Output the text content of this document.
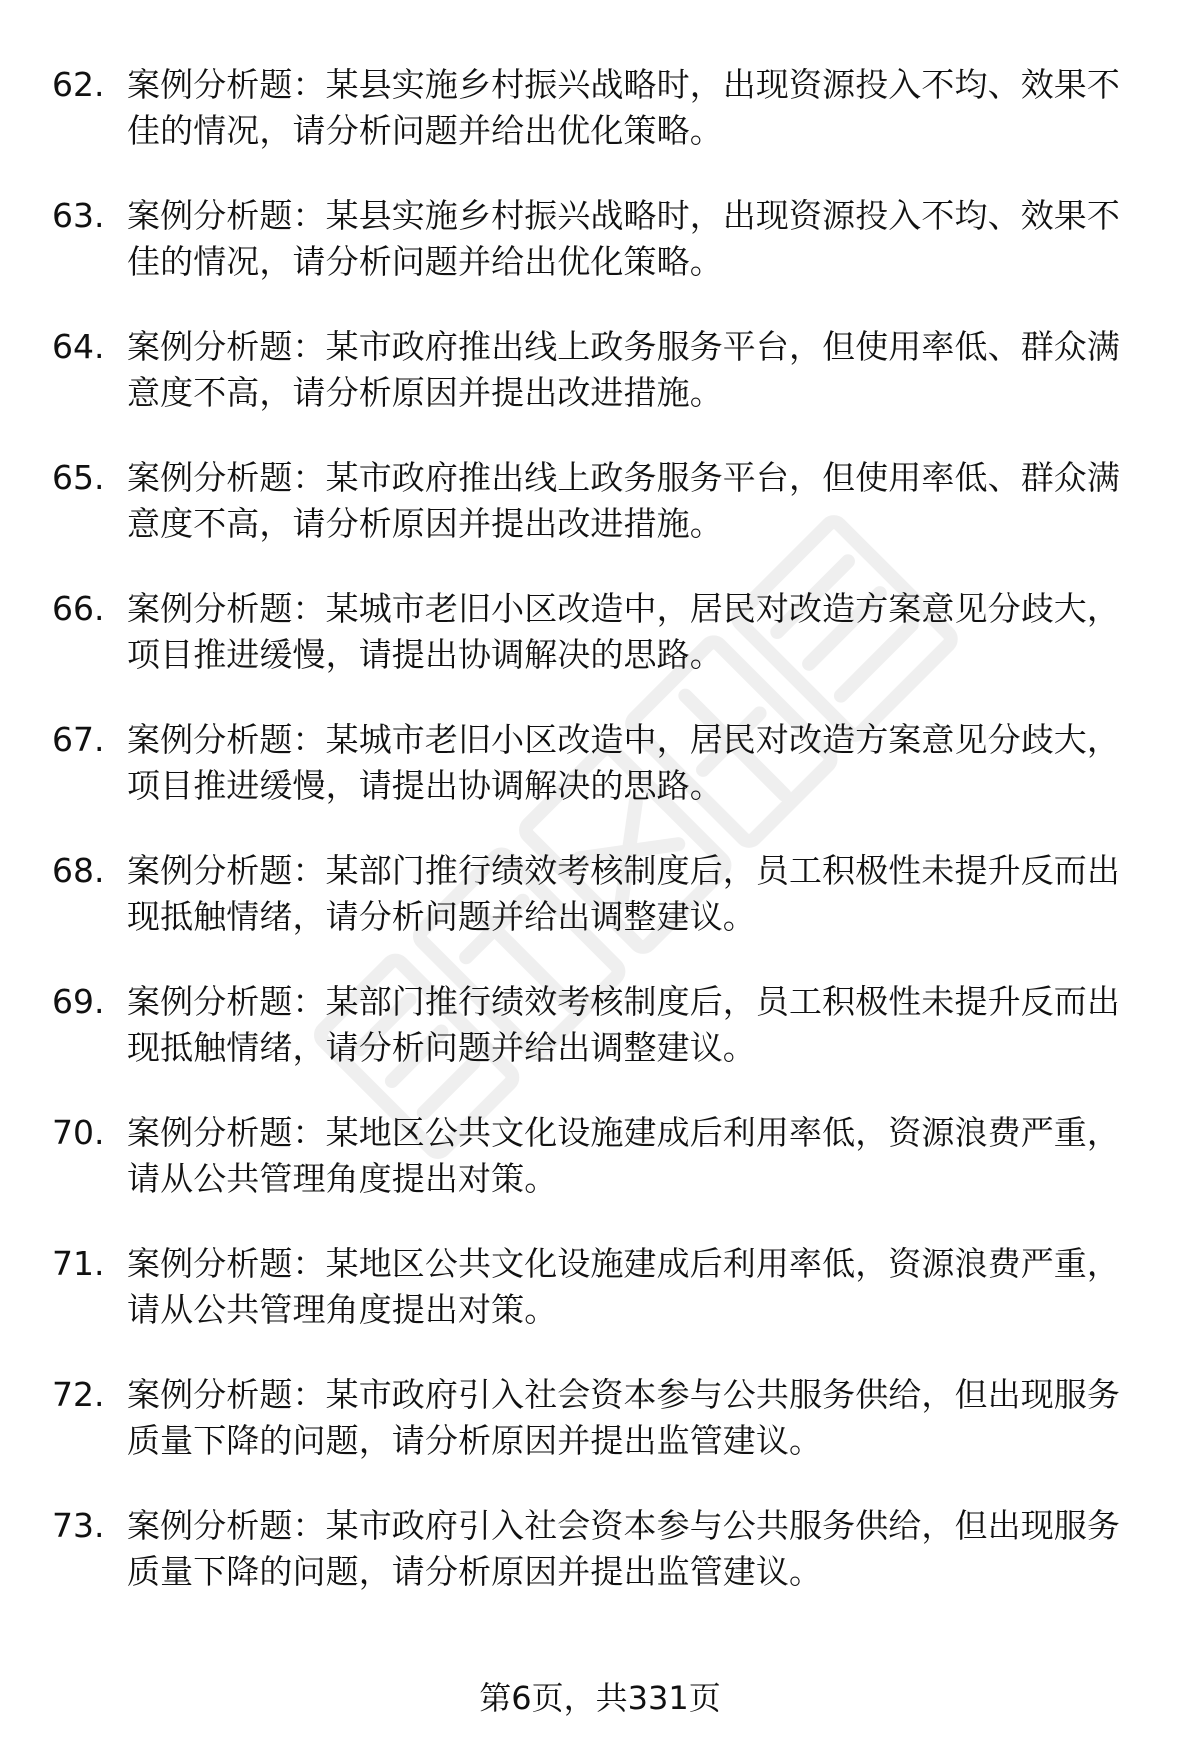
62. 案例分析题：某县实施乡村振兴战略时，出现资源投入不均、效果不佳的情况，请分析问题并给出优化策略。
63. 案例分析题：某县实施乡村振兴战略时，出现资源投入不均、效果不佳的情况，请分析问题并给出优化策略。
64. 案例分析题：某市政府推出线上政务服务平台，但使用率低、群众满意度不高，请分析原因并提出改进措施。
65. 案例分析题：某市政府推出线上政务服务平台，但使用率低、群众满意度不高，请分析原因并提出改进措施。
66. 案例分析题：某城市老旧小区改造中，居民对改造方案意见分歧大，项目推进缓慢，请提出协调解决的思路。
67. 案例分析题：某城市老旧小区改造中，居民对改造方案意见分歧大，项目推进缓慢，请提出协调解决的思路。
68. 案例分析题：某部门推行绩效考核制度后，员工积极性未提升反而出现抵触情绪，请分析问题并给出调整建议。
69. 案例分析题：某部门推行绩效考核制度后，员工积极性未提升反而出现抵触情绪，请分析问题并给出调整建议。
70. 案例分析题：某地区公共文化设施建成后利用率低，资源浪费严重，请从公共管理角度提出对策。
71. 案例分析题：某地区公共文化设施建成后利用率低，资源浪费严重，请从公共管理角度提出对策。
72. 案例分析题：某市政府引入社会资本参与公共服务供给，但出现服务质量下降的问题，请分析原因并提出监管建议。
73. 案例分析题：某市政府引入社会资本参与公共服务供给，但出现服务质量下降的问题，请分析原因并提出监管建议。
第6页，共331页
